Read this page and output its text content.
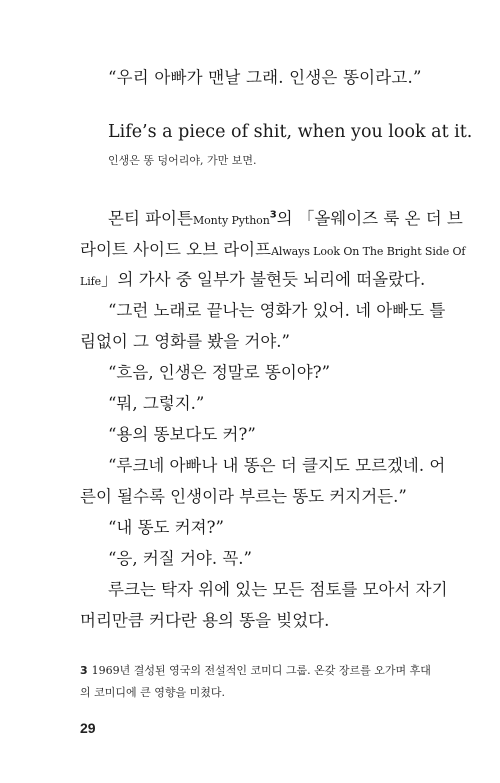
“우리 아빠가 맨날 그래. 인생은 똥이라고.”
Life’s a piece of shit, when you look at it.
인생은 똥 덩어리야, 가만 보면.
몬티 파이튼Monty Python$^3$의 「올웨이즈 룩 온 더 브
라이트 사이드 오브 라이프Always Look On The Bright Side Of
Life」의 가사 중 일부가 불현듯 뇌리에 떠올랐다.
“그런 노래로 끝나는 영화가 있어. 네 아빠도 틀
림없이 그 영화를 봤을 거야.”
“흐음, 인생은 정말로 똥이야?”
“뭐, 그렇지.”
“용의 똥보다도 커?”
“루크네 아빠나 내 똥은 더 클지도 모르겠네. 어
른이 될수록 인생이라 부르는 똥도 커지거든.”
“내 똥도 커져?”
“응, 커질 거야. 꼭.”
루크는 탁자 위에 있는 모든 점토를 모아서 자기
머리만큼 커다란 용의 똥을 빚었다.
3 1969년 결성된 영국의 전설적인 코미디 그룹. 온갖 장르를 오가며 후대
의 코미디에 큰 영향을 미쳤다.
29
